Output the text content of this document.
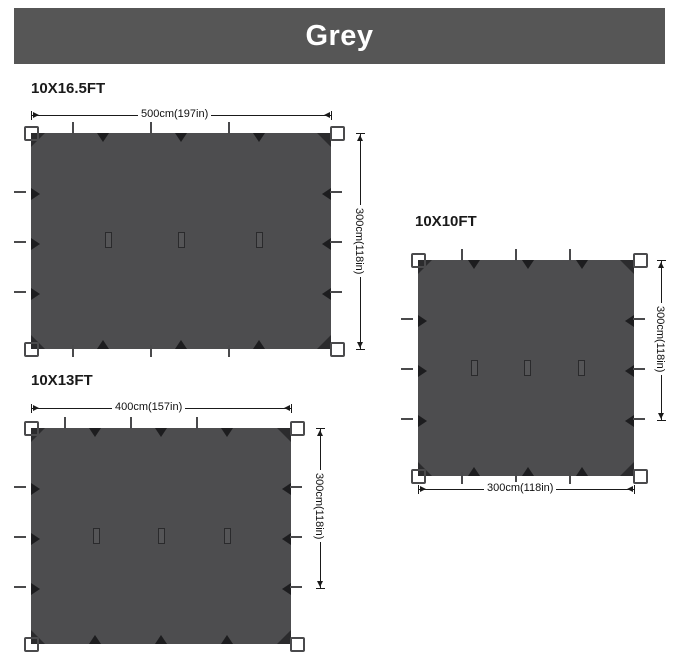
Grey
10X16.5FT
500cm(197in)
300cm(118in)	10X10FT
300cm(118in)
300cm(118in)
10X13FT
400cm(157in)
300cm(118in)
